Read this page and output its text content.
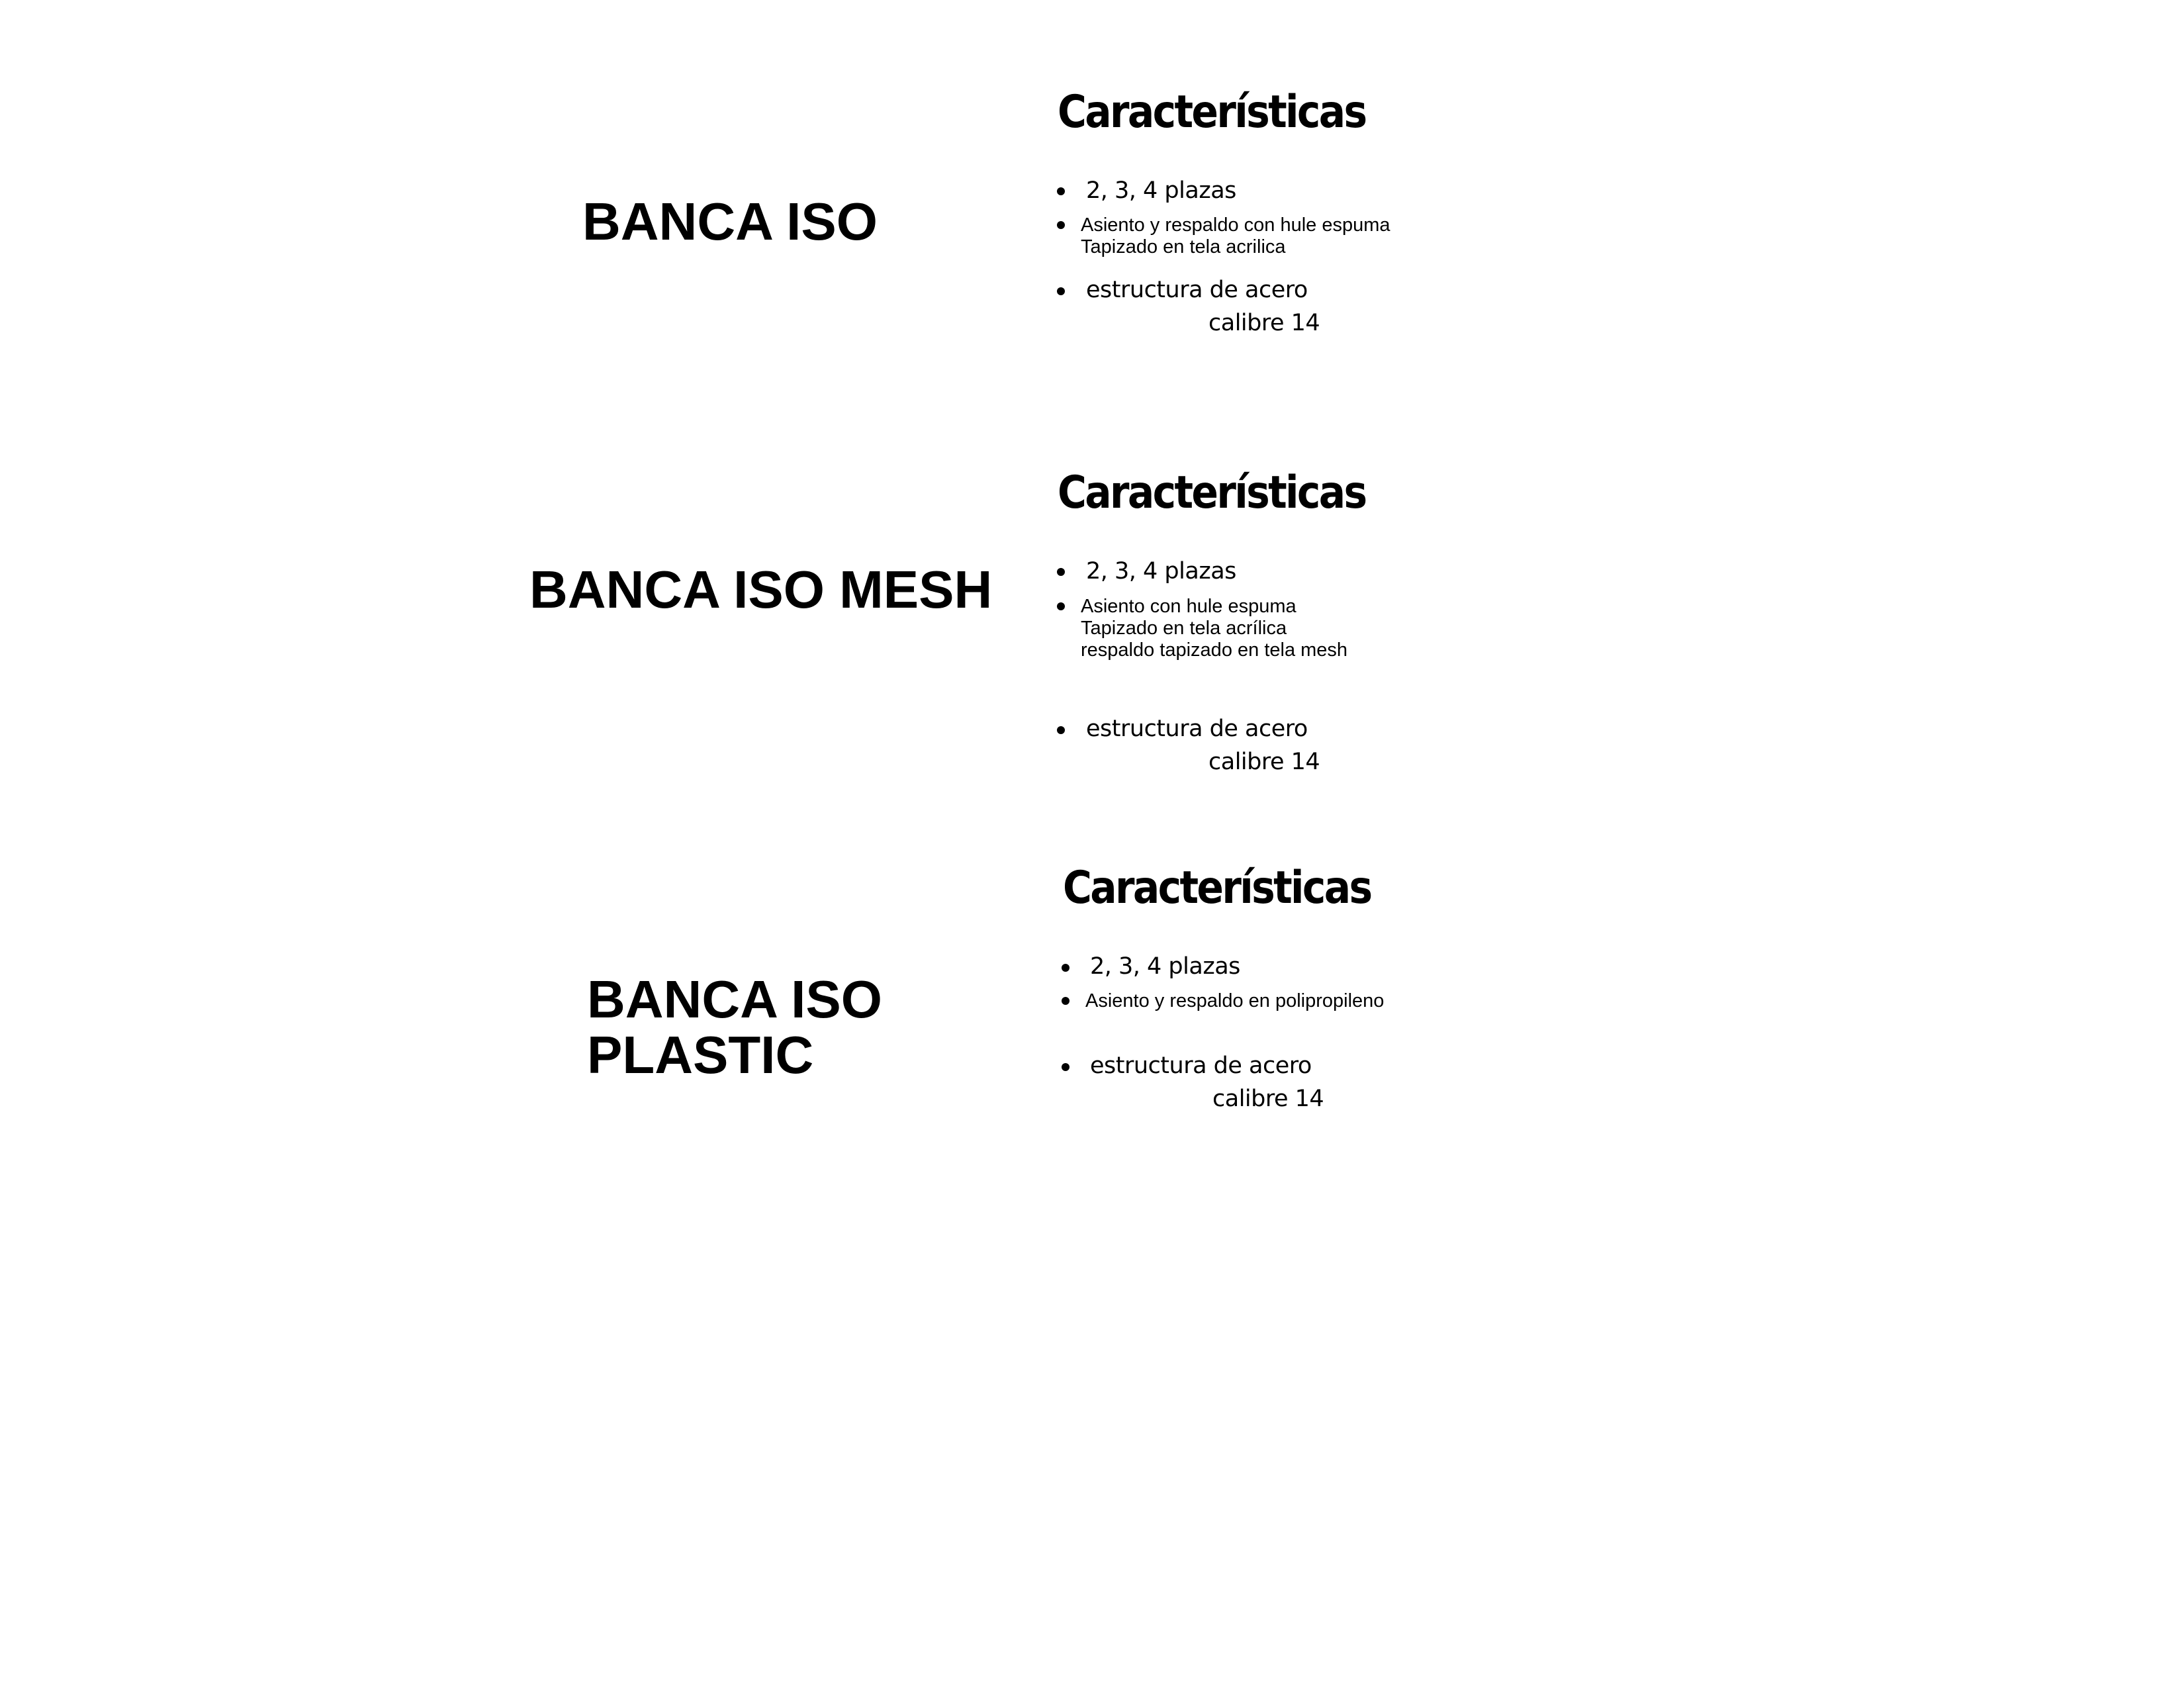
BANCA ISO
Características
2, 3, 4 plazas
Asiento y respaldo con hule espuma
Tapizado en tela acrilica
estructura de acero
calibre 14
BANCA ISO MESH
Características
2, 3, 4 plazas
Asiento con hule espuma
Tapizado en tela acrílica
respaldo tapizado en tela mesh
estructura de acero
calibre 14
BANCA ISO
PLASTIC
Características
2, 3, 4 plazas
Asiento y respaldo en polipropileno
estructura de acero
calibre 14
